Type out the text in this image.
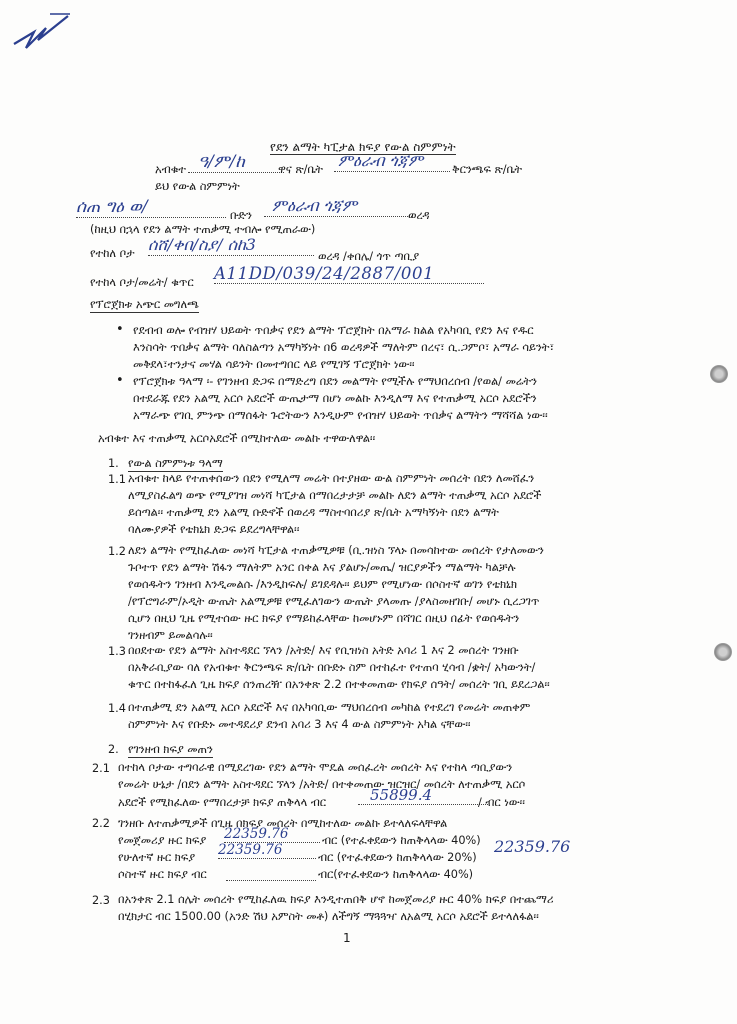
የደን ልማት ካፒታል ክፍያ የውል ስምምነት
አብቁተ ዓ/ም/ከ	ዋና ጽ/ቤት ምዕራብ ጎጃም	ቅርንጫፍ ጽ/ቤት
ይህ የውል ስምምነት
ሰጠ ግዕ ወ/	ቡድን
ምዕራብ ጎጃም
ወረዳ
(ከዚህ በኋላ የደን ልማት ተጠቃሚ ተብሎ የሚጠራው)
የተከለ ቦታ ሰሸ/ቀበ/ስያ/ ሰከ3
ወረዳ /ቀበሌ/ ጎጥ ጣቢያ
የተከላ ቦታ/መሬት/ ቁጥር A11DD/039/24/2887/001
የፕሮጀክቱ አጭር መግለጫ
• የደብብ ወሎ የብዝሃ ህይወት ጥበቃና የደን ልማት ፕሮጀክት በአማራ ክልል የአካባቢ የደን እና የዱር
እንስሳት ጥበቃና ልማት ባለስልጣን አማካኝነት በ6 ወረዳዎች ማለትም በረና፣ ሲ.ጋምቦ፣ አማራ ሳይንት፣
መቅደላ፣ተንታና መሃል ሳይንት በመተግበር ላይ የሚገኝ ፕሮጀክት ነው፡፡
• የፕሮጀክቱ ዓላማ ፡- የገንዘብ ድጋፍ በማድረግ በደን መልማት የሚችሉ የማህበረሰብ /የወል/ መሬትን
በተደራጁ የደን አልሚ አርሶ አደሮች ውጤታማ በሆነ መልኩ እንዲለማ እና የተጠቃሚ አርሶ አደሮችን
አማራጭ የገቢ ምንጭ በማሰፋት ጉሮትውን እንዲሁም የብዝሃ ህይወት ጥበቃና ልማትን ማሻሻል ነው፡፡
አብቁተ እና ተጠቃሚ አርሶአደሮች በሚከተለው መልኩ ተዋውለዋል፡፡
1. የውል ስምምነቱ ዓላማ
1.1 አብቁተ ከላይ የተጠቀሰውን በደን የሚለማ መሬት በተያዘው ውል ስምምነት መሰረት በደን ለመሸፈን
ለሚያስፈልግ ወጭ የሚያገዝ መነሻ ካፒታል በማበረታታቻ መልኩ ለደን ልማት ተጠቃሚ አርሶ አደሮች
ይሰጣል፡፡ ተጠቃሚ ደን አልሚ ቡድኖች በወረዳ ማስተባበሪያ ጽ/ቤት አማካኝነት በደን ልማት
ባለሙያዎች የቴክኒክ ድጋፍ ይደረግላቸዋል፡፡
1.2 ለደን ልማት የሚከፈለው መነሻ ካፒታል ተጠቃሚዎቹ (ቢ.ዝነስ ኘላኑ በመሳከተው መሰረት የታለመውን
ጉቦተጥ የደን ልማት ሽፋን ማለትም አንር በቀል እና ያልሆኑ/መጤ/ ዝርያዎችን ማልማት ካልቻሉ
የወሰዱትን ገንዘብ እንዲመልሱ /እንዲከፍሉ/ ይገደዳሉ፡፡ ይህም የሚሆነው በሶስተኛ ወገን የቴክኒክ
/የፕሮግራም/ኦዲት ውጤት አልሚዎቹ የሚፈለገውን ውጤት ያላመጡ /ያላስመዘገቡ/ መሆኑ ሲረጋገጥ
ሲሆን በዚህ ጊዜ የሚተሰው ዙር ክፍያ የማይከፈላቸው ከመሆኑም በሻገር በዚህ በፊት የወሰዱትን
ገንዘብም ይመልሳሉ፡፡
1.3 በዐደተው የደን ልማት አስተዳደር ኘላን /አትድ/ እና የቢዝነስ አትድ አባሪ 1 እና 2 መሰረት ገንዘቡ
በአቅራቢያው ባለ የአብቁተ ቅርንጫፍ ጽ/ቤት በቡድኑ ስም በተከፈተ የተጠባ ሂሳብ /ቋት/ አካውንት/
ቁጥር በተከፋፈለ ጊዜ ክፍያ ሰንጠረዥ በአንቀጽ 2.2 በተቀመጠው የክፍያ ሰዓት/ መሰረት ገቢ ይደረጋል፡፡
1.4 በተጠቃሚ ደን አልሚ አርሶ አደሮች እና በአካባቢው ማህበረሰብ መካከል የተደረገ የመሬት መጠቀም
ስምምነት እና የቡድኑ መተዳደሪያ ደንብ አባሪ 3 እና 4 ውል ስምምነት አካል ናቸው፡፡
2. የገንዘብ ክፍያ መጠን
2.1 በተከላ ቦታው ተግባራዊ በሚደረገው የደን ልማት ሞዴል መሰፈረት መሰረት እና የተከላ ጣቢያውን
የመሬት ሁኔታ /በደን ልማት አስተዳደር ኘላን /አትድ/ በተቀመጠው ዝርዝር/ መሰረት ለተጠቃሚ አርሶ
አደሮች የሚከፈለው የማበረታቻ ክፍያ ጠቅላላ ብር	55899.4	/ ብር ነው፡፡
2.2 ገንዘቡ ለተጠቃሚዎች በጊዜ በክፍያ መሰረት በሚከተለው መልኩ ይተላለፍላቸዋል
የመጀመሪያ ዙር ክፍያ 22359.76	ብር (የተፈቀደውን ከጠቅላላው 40%) 22359.76
የሁለተኛ ዙር ክፍያ 22359.76	ብር (የተፈቀደውን ከጠቅላላው 20%)
ሶስተኛ ዙር ክፍያ ብር	ብር(የተፈቀደውን ከጠቅላላው 40%)
2.3 በአንቀጽ 2.1 ሰሌት መሰረት የሚከፈለዉ ክፍያ እንዲተጠበቅ ሆኖ ከመጀመሪያ ዙር 40% ክፍያ በተጨማሪ
በሂክታር ብር 1500.00 (አንድ ሽህ አምስት መቶ) ለችግኝ ማጓጓዣ ለአልሚ አርሶ አደሮች ይተላለፋል፡፡
1
